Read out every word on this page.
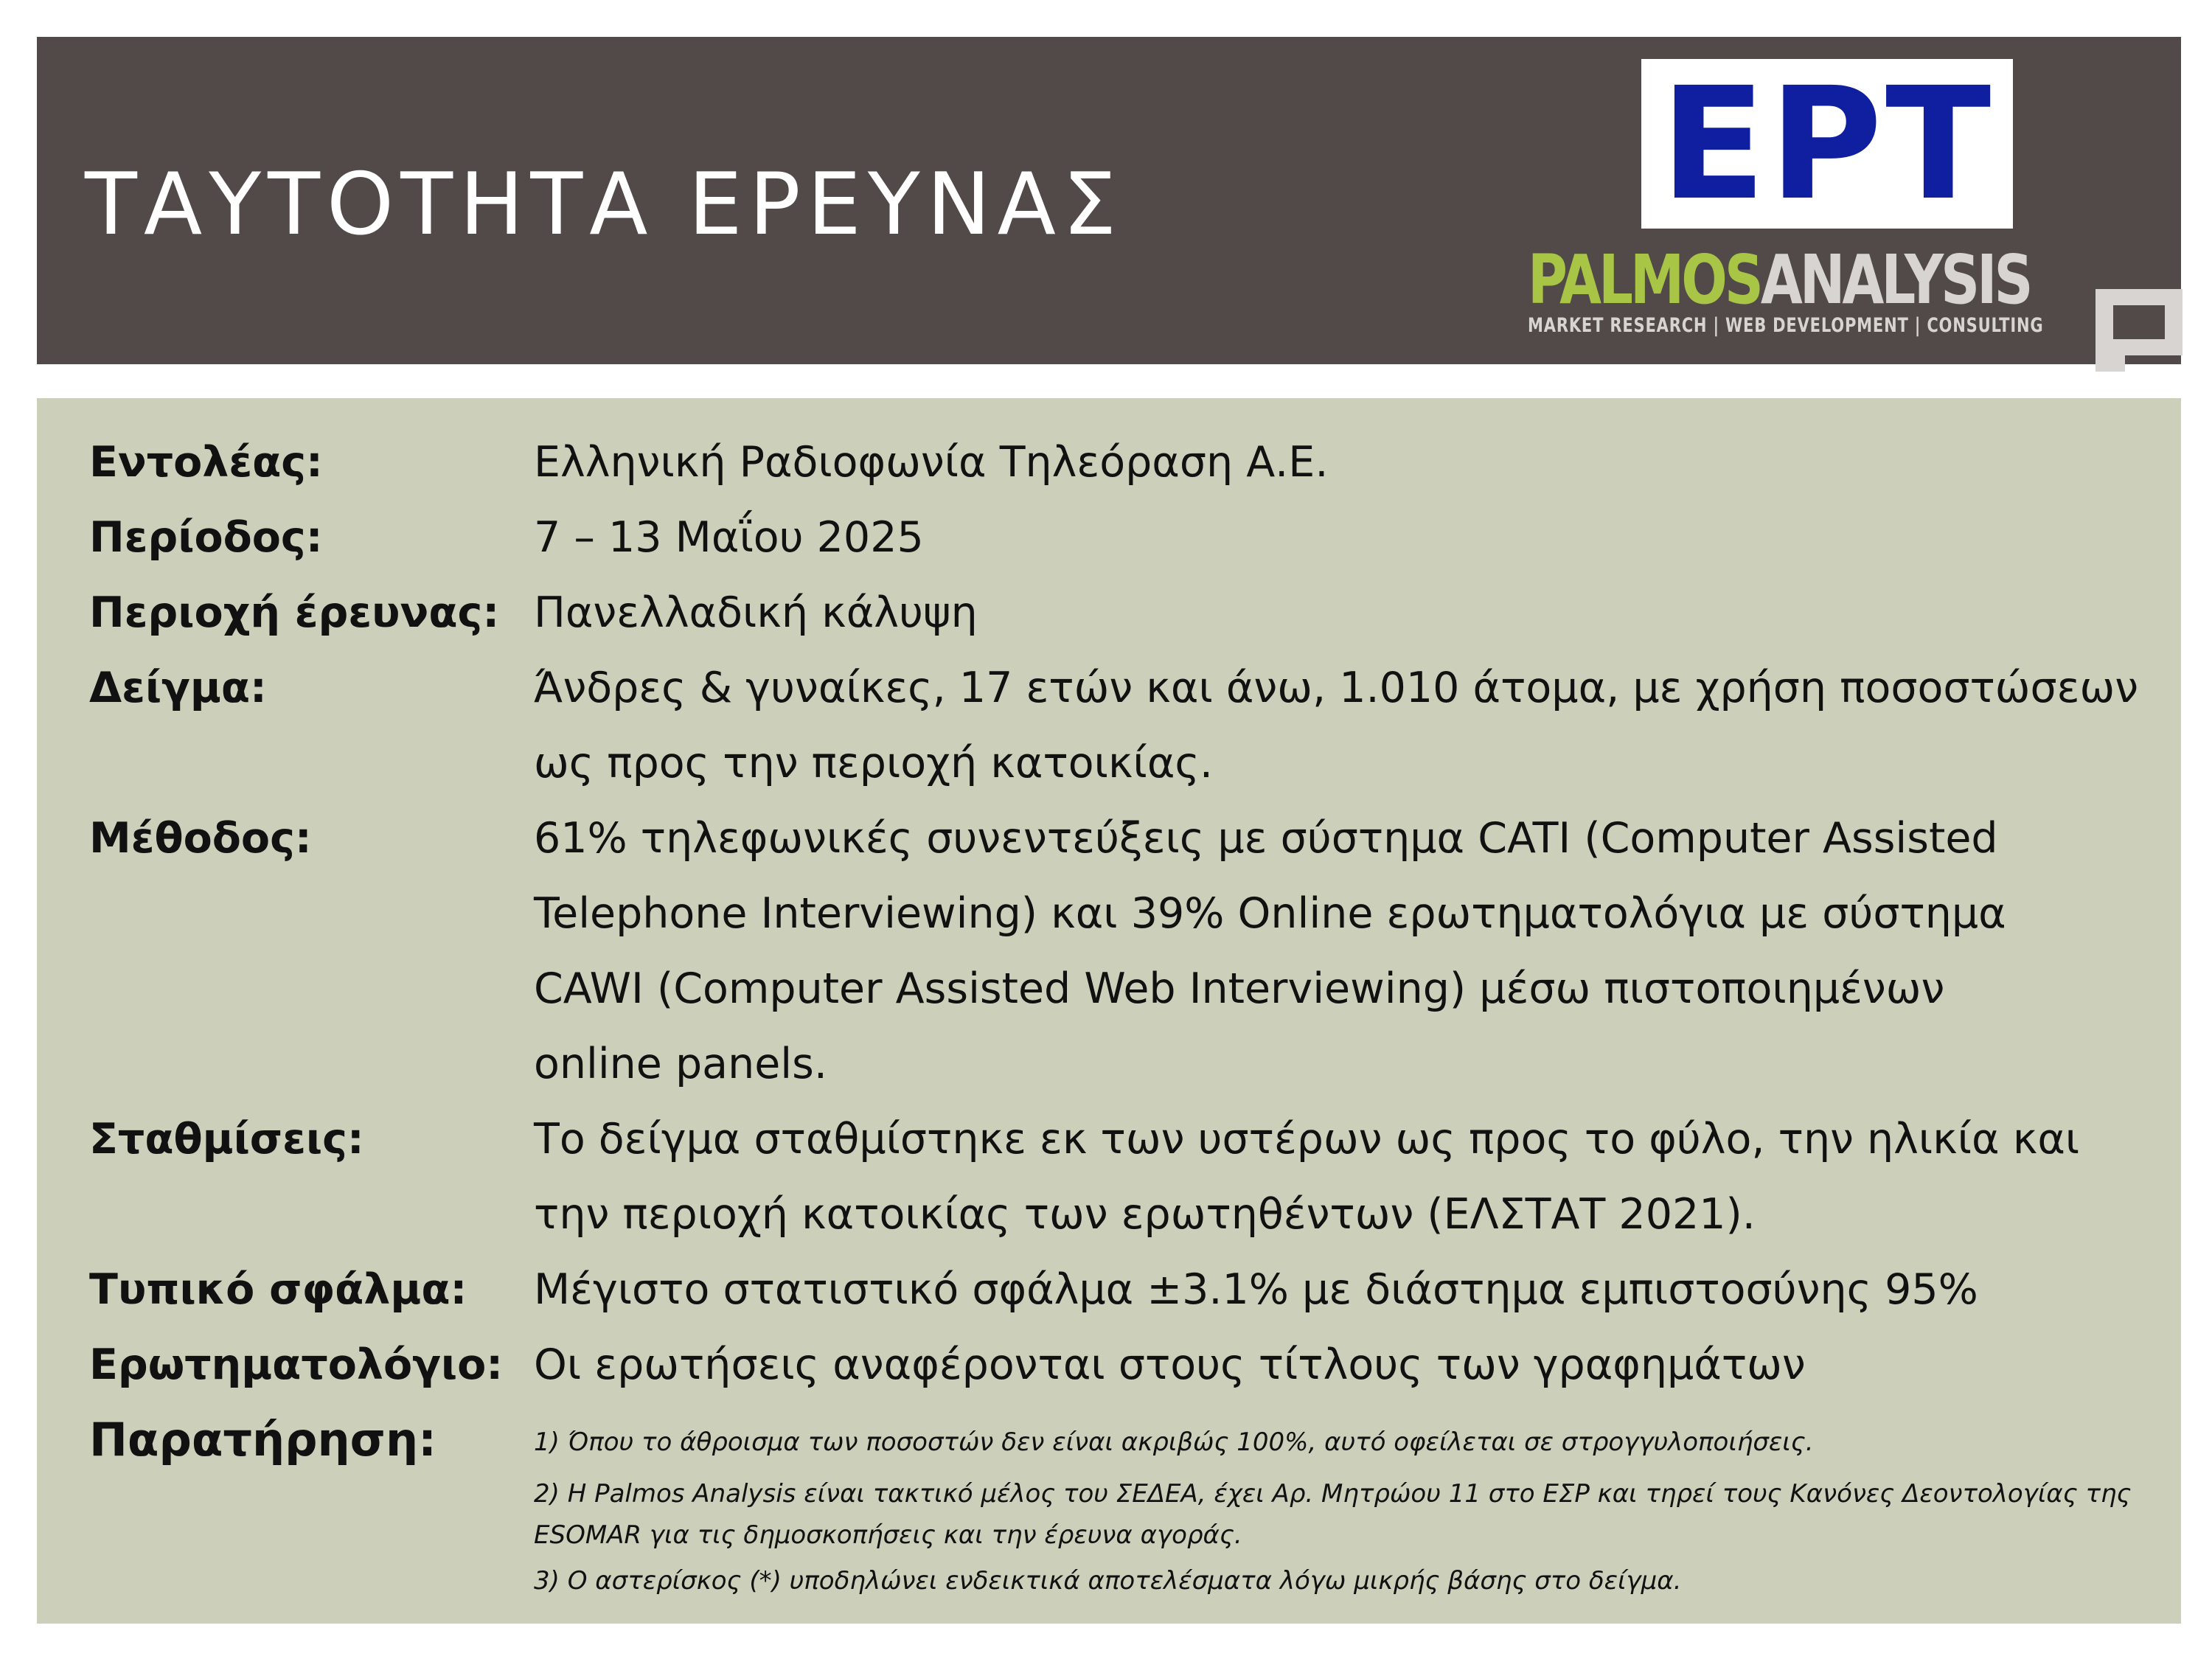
ΤΑΥΤΟΤΗΤΑ ΕΡΕΥΝΑΣ	ΕΡΤ
PALMOSANALYSIS
MARKET RESEARCH | WEB DEVELOPMENT | CONSULTING
Εντολέας:	Ελληνική Ραδιοφωνία Τηλεόραση Α.Ε.
Περίοδος:	7 – 13 Μαΐου 2025
Περιοχή έρευνας: Πανελλαδική κάλυψη
Δείγμα:	Άνδρες & γυναίκες, 17 ετών και άνω, 1.010 άτομα, με χρήση ποσοστώσεων
ως προς την περιοχή κατοικίας.
Μέθοδος:	61% τηλεφωνικές συνεντεύξεις με σύστημα CATI (Computer Assisted
Telephone Interviewing) και 39% Online ερωτηματολόγια με σύστημα
CAWI (Computer Assisted Web Interviewing) μέσω πιστοποιημένων
online panels.
Σταθμίσεις:	Το δείγμα σταθμίστηκε εκ των υστέρων ως προς το φύλο, την ηλικία και
την περιοχή κατοικίας των ερωτηθέντων (ΕΛΣΤΑΤ 2021).
Τυπικό σφάλμα: Μέγιστο στατιστικό σφάλμα ±3.1% με διάστημα εμπιστοσύνης 95%
Ερωτηματολόγιο: Οι ερωτήσεις αναφέρονται στους τίτλους των γραφημάτων
Παρατήρηση:	1) Όπου το άθροισμα των ποσοστών δεν είναι ακριβώς 100%, αυτό οφείλεται σε στρογγυλοποιήσεις.
2) Η Palmos Analysis είναι τακτικό μέλος του ΣΕΔΕΑ, έχει Αρ. Μητρώου 11 στο ΕΣΡ και τηρεί τους Κανόνες Δεοντολογίας της
ESOMAR για τις δημοσκοπήσεις και την έρευνα αγοράς.
3) Ο αστερίσκος (*) υποδηλώνει ενδεικτικά αποτελέσματα λόγω μικρής βάσης στο δείγμα.
